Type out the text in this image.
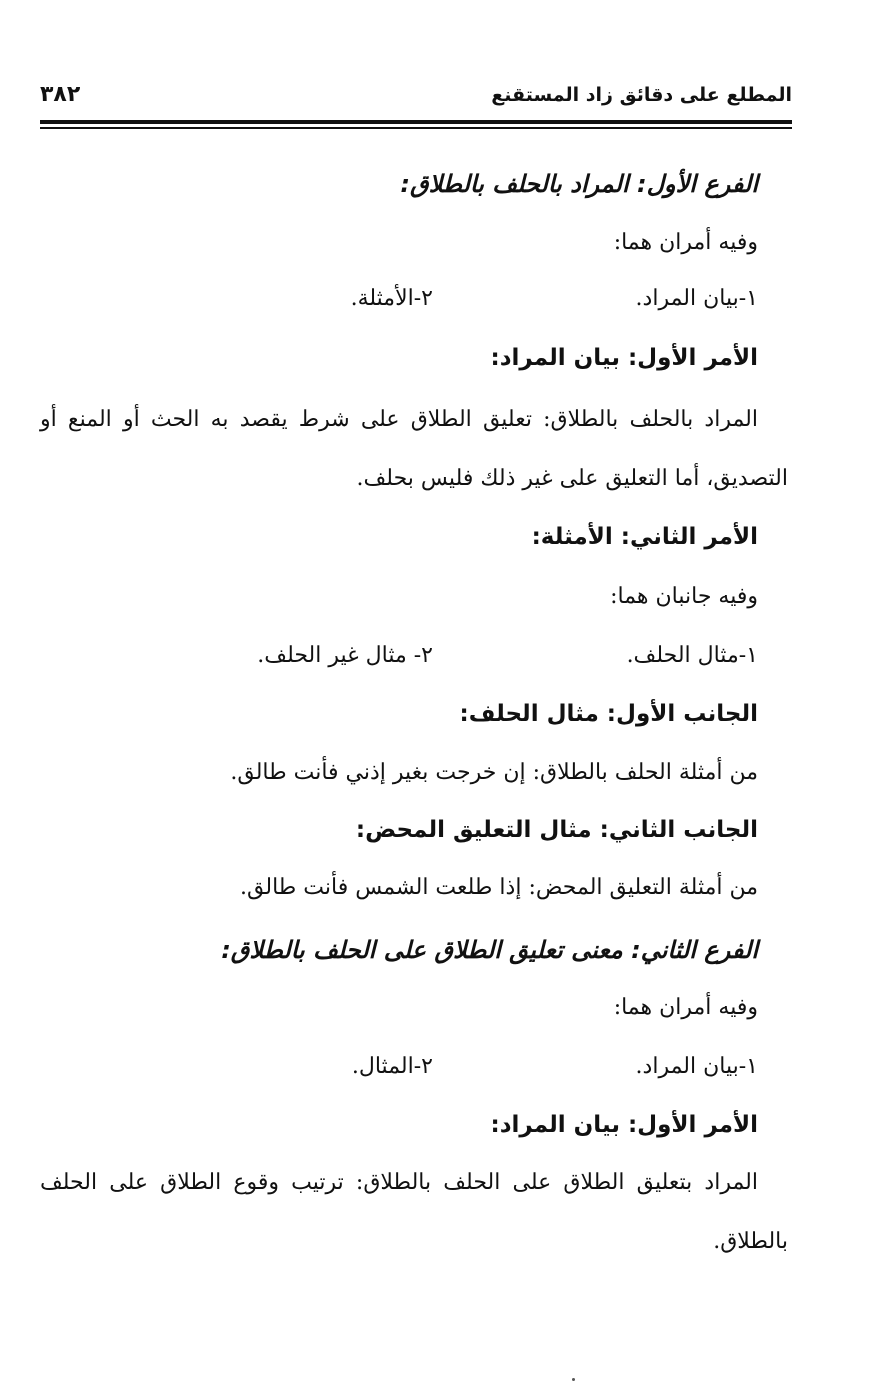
٣٨٢	المطلع على دقائق زاد المستقنع
الفرع الأول: المراد بالحلف بالطلاق:
وفيه أمران هما:
١-بيان المراد.
٢-الأمثلة.
الأمر الأول: بيان المراد:
المراد بالحلف بالطلاق: تعليق الطلاق على شرط يقصد به الحث أو المنع أو
التصديق، أما التعليق على غير ذلك فليس بحلف.
الأمر الثاني: الأمثلة:
وفيه جانبان هما:
١-مثال الحلف.
٢- مثال غير الحلف.
الجانب الأول: مثال الحلف:
من أمثلة الحلف بالطلاق: إن خرجت بغير إذني فأنت طالق.
الجانب الثاني: مثال التعليق المحض:
من أمثلة التعليق المحض: إذا طلعت الشمس فأنت طالق.
الفرع الثاني: معنى تعليق الطلاق على الحلف بالطلاق:
وفيه أمران هما:
١-بيان المراد.
٢-المثال.
الأمر الأول: بيان المراد:
المراد بتعليق الطلاق على الحلف بالطلاق: ترتيب وقوع الطلاق على الحلف
بالطلاق.
